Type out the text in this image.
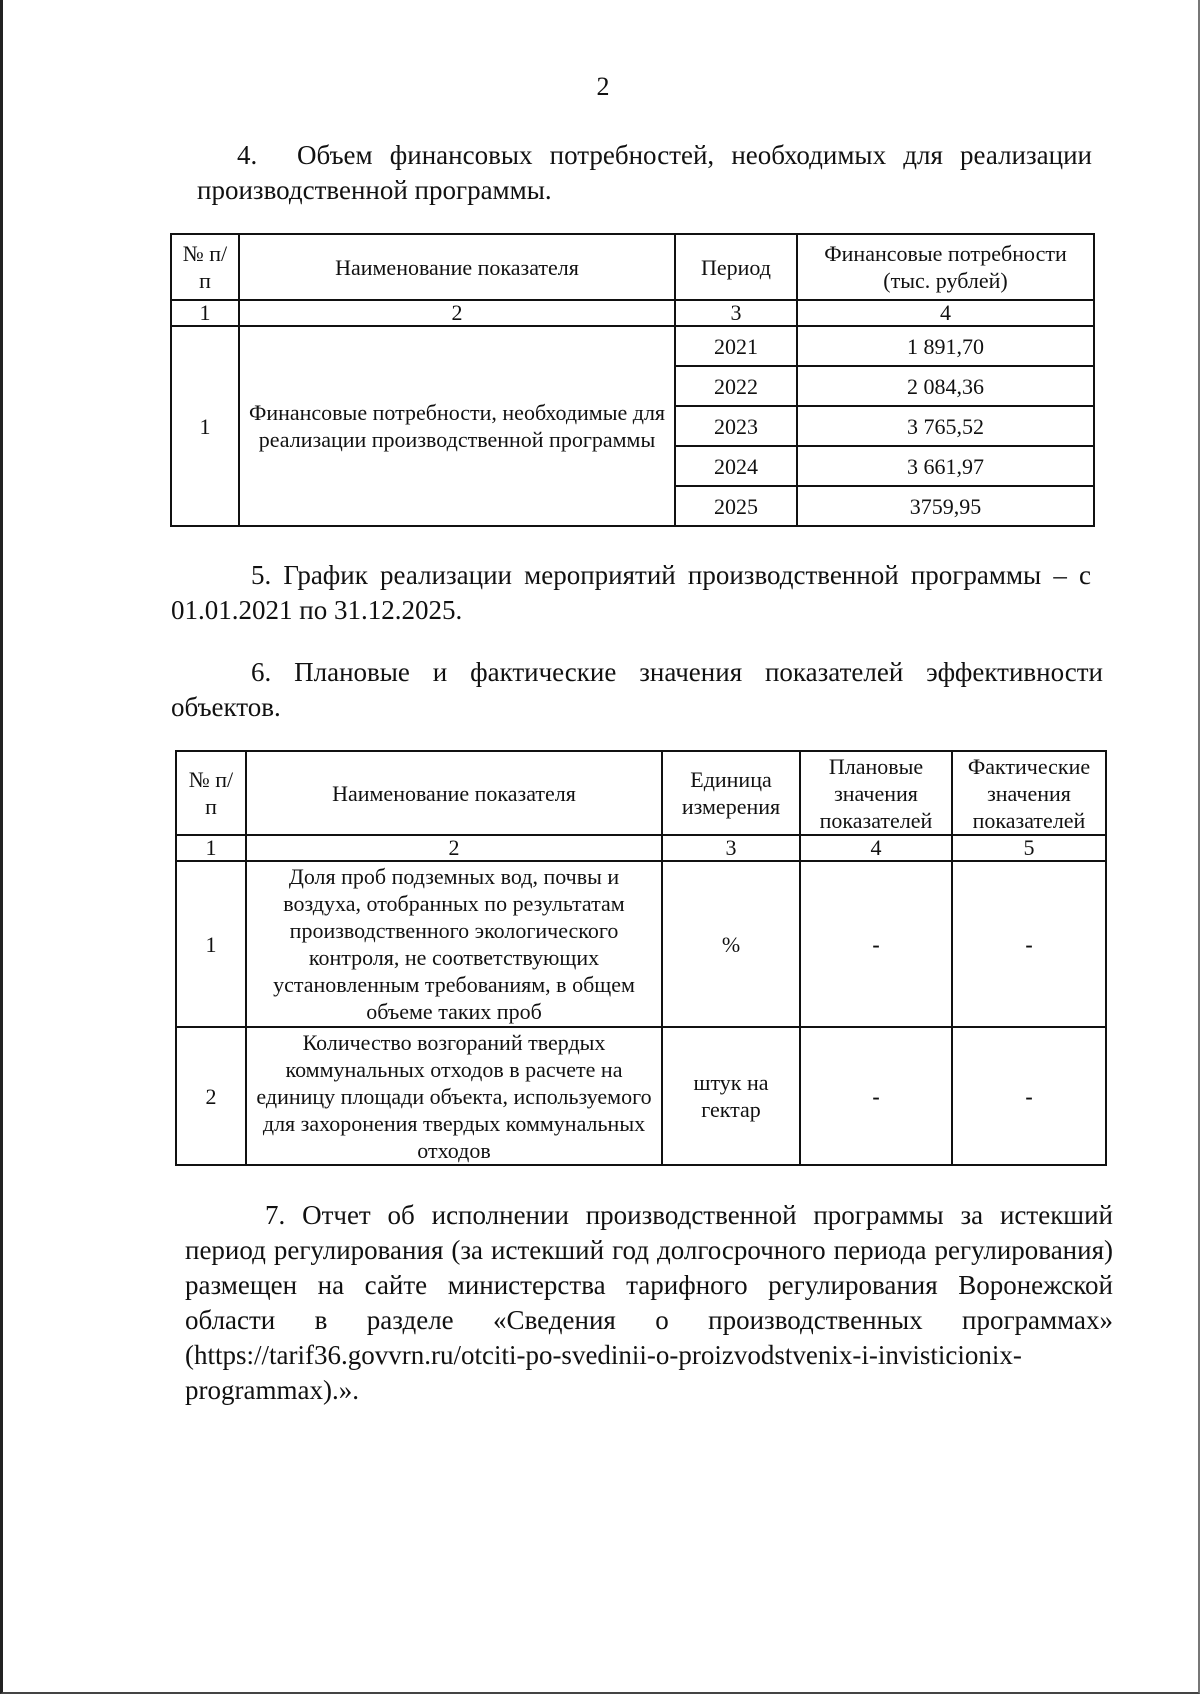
2
4. Объем финансовых потребностей, необходимых для реализации производственной программы.
№ п/п	Наименование показателя	Период	Финансовые потребности (тыс. рублей)
1	2	3	4
1	Финансовые потребности, необходимые для реализации производственной программы	2021	1 891,70
		2022	2 084,36
		2023	3 765,52
		2024	3 661,97
		2025	3759,95
5. График реализации мероприятий производственной программы – с 01.01.2021 по 31.12.2025.
6. Плановые и фактические значения показателей эффективности объектов.
№ п/п	Наименование показателя	Единица измерения	Плановые значения показателей	Фактические значения показателей
1	2	3	4	5
1	Доля проб подземных вод, почвы и воздуха, отобранных по результатам производственного экологического контроля, не соответствующих установленным требованиям, в общем объеме таких проб	%	-	-
2	Количество возгораний твердых коммунальных отходов в расчете на единицу площади объекта, используемого для захоронения твердых коммунальных отходов	штук на гектар	-	-
7. Отчет об исполнении производственной программы за истекший период регулирования (за истекший год долгосрочного периода регулирования) размещен на сайте министерства тарифного регулирования Воронежской области в разделе «Сведения о производственных программах» (https://tarif36.govvrn.ru/otciti-po-svedinii-o-proizvodstvenix-i-invisticionix-programmax).».
